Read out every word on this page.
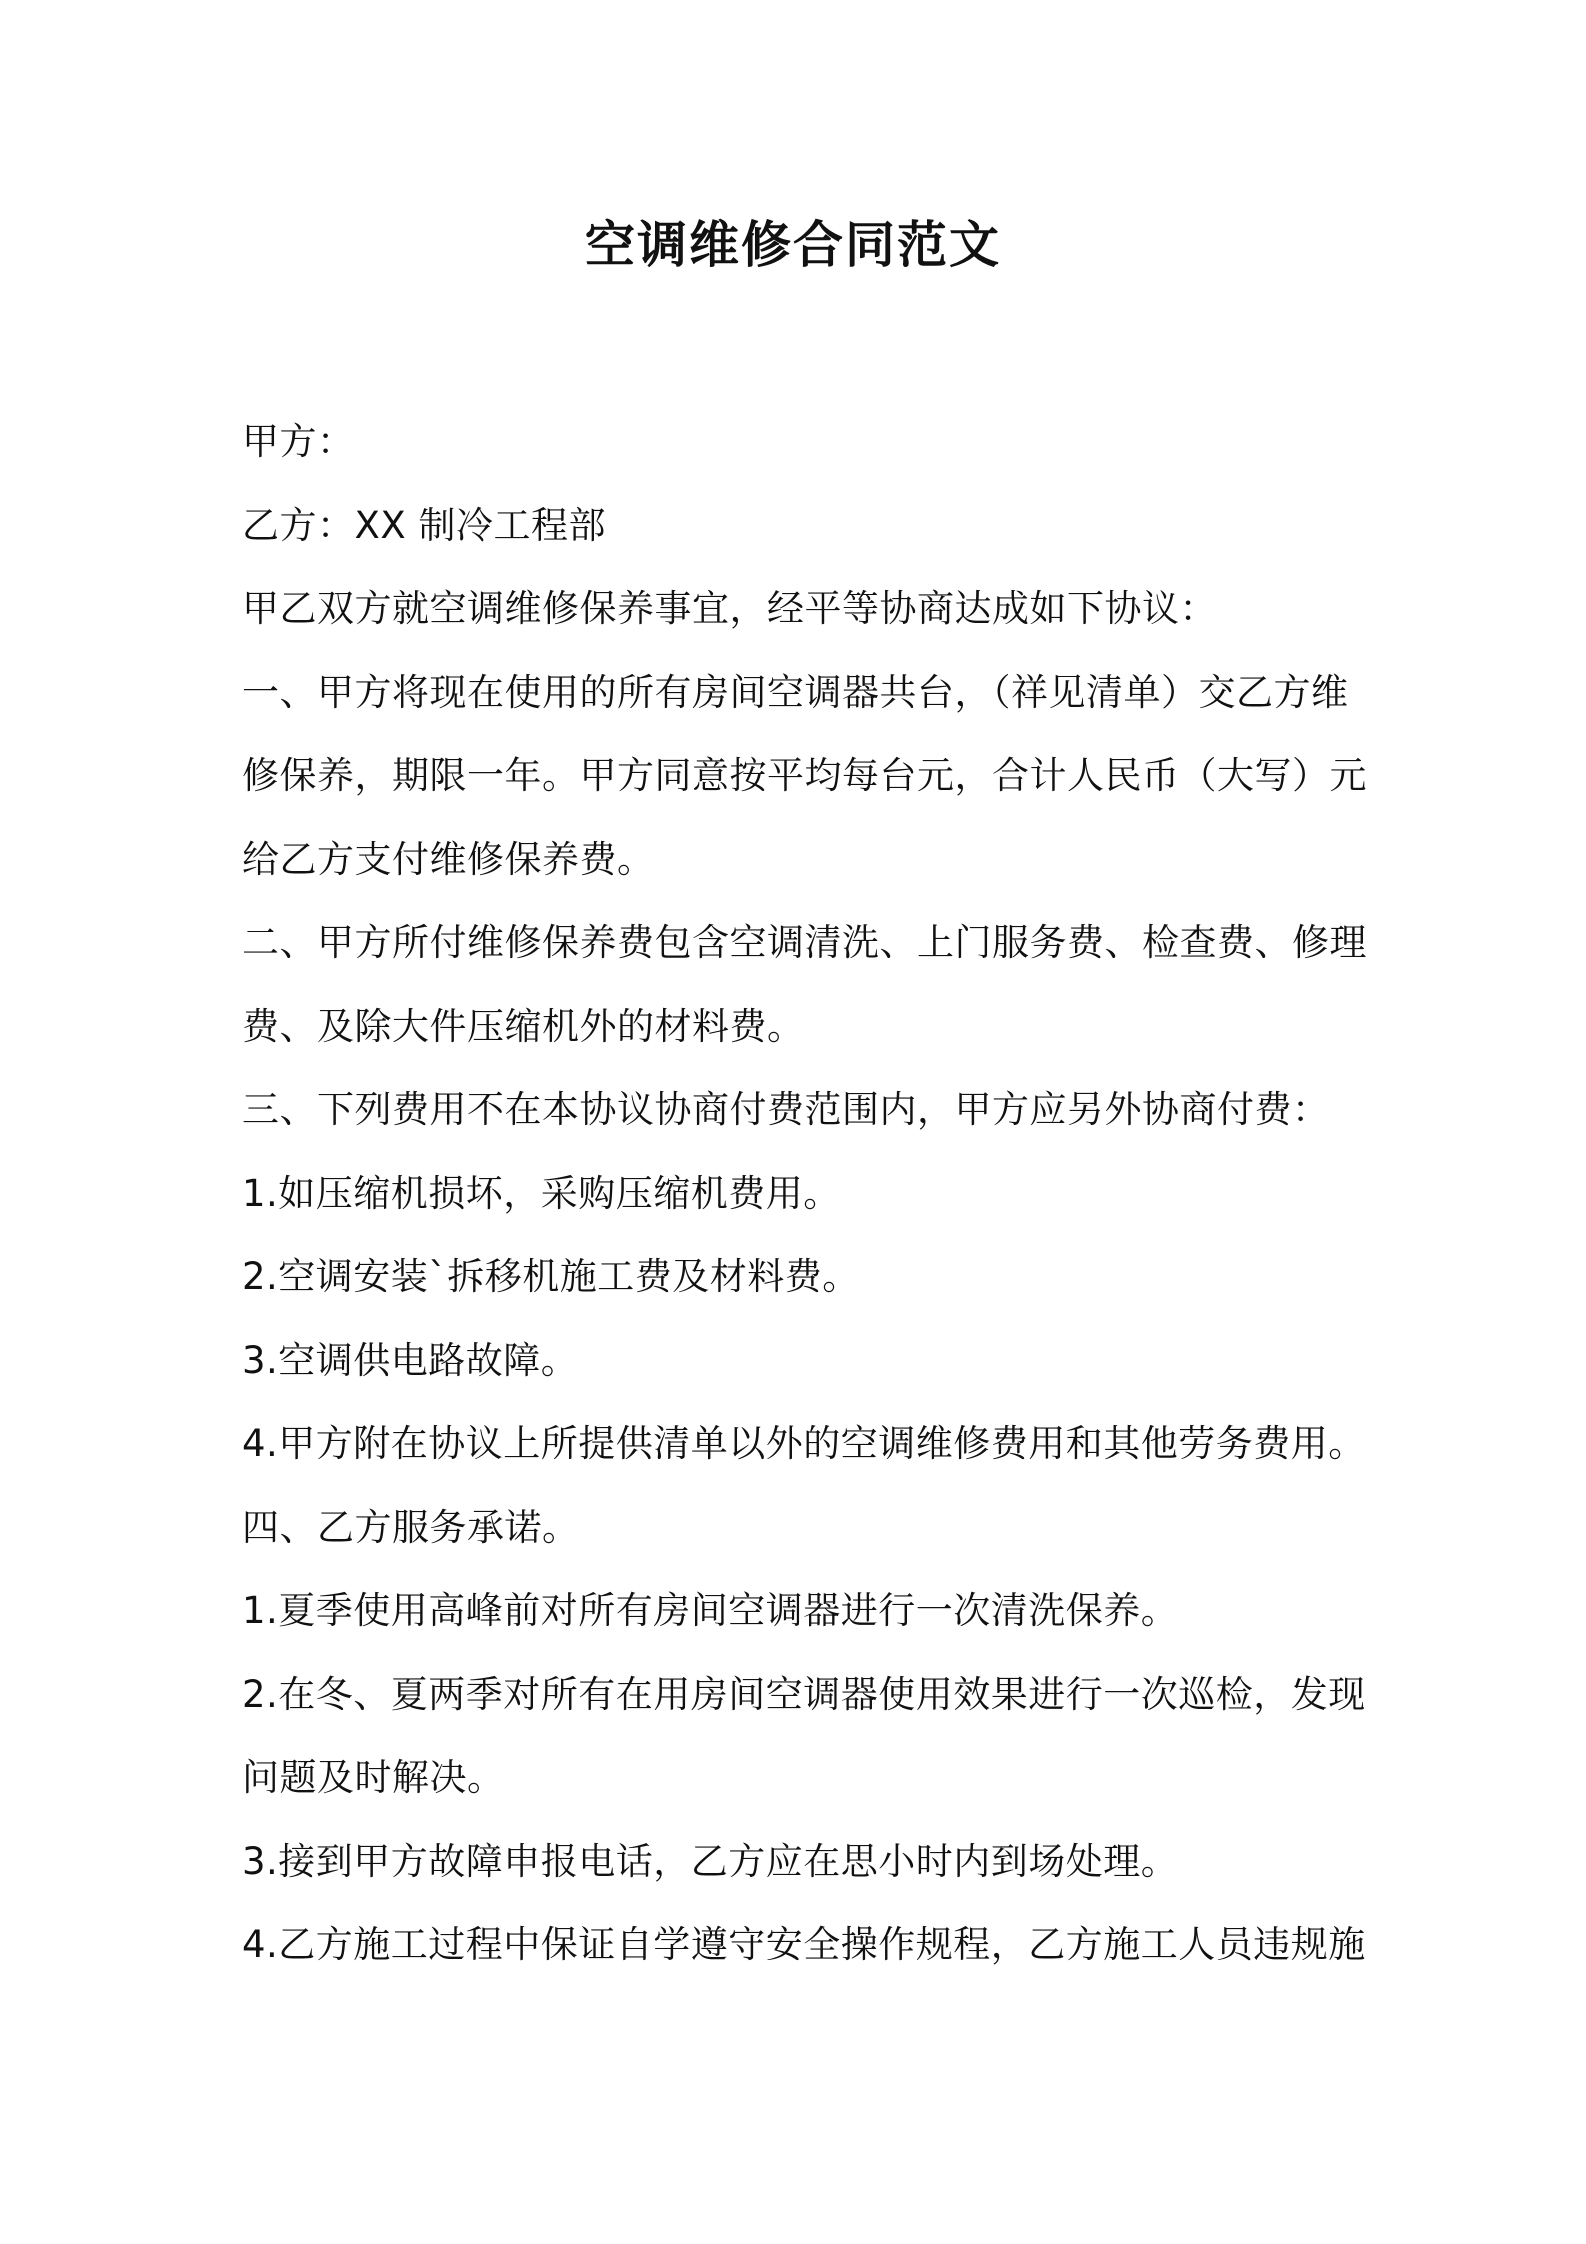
空调维修合同范文
甲方：
乙方：XX 制冷工程部
甲乙双方就空调维修保养事宜，经平等协商达成如下协议：
一、甲方将现在使用的所有房间空调器共台，（祥见清单）交乙方维
修保养，期限一年。甲方同意按平均每台元，合计人民币（大写）元
给乙方支付维修保养费。
二、甲方所付维修保养费包含空调清洗、上门服务费、检查费、修理
费、及除大件压缩机外的材料费。
三、下列费用不在本协议协商付费范围内，甲方应另外协商付费：
1.如压缩机损坏，采购压缩机费用。
2.空调安装`拆移机施工费及材料费。
3.空调供电路故障。
4.甲方附在协议上所提供清单以外的空调维修费用和其他劳务费用。
四、乙方服务承诺。
1.夏季使用高峰前对所有房间空调器进行一次清洗保养。
2.在冬、夏两季对所有在用房间空调器使用效果进行一次巡检，发现
问题及时解决。
3.接到甲方故障申报电话，乙方应在思小时内到场处理。
4.乙方施工过程中保证自学遵守安全操作规程，乙方施工人员违规施
